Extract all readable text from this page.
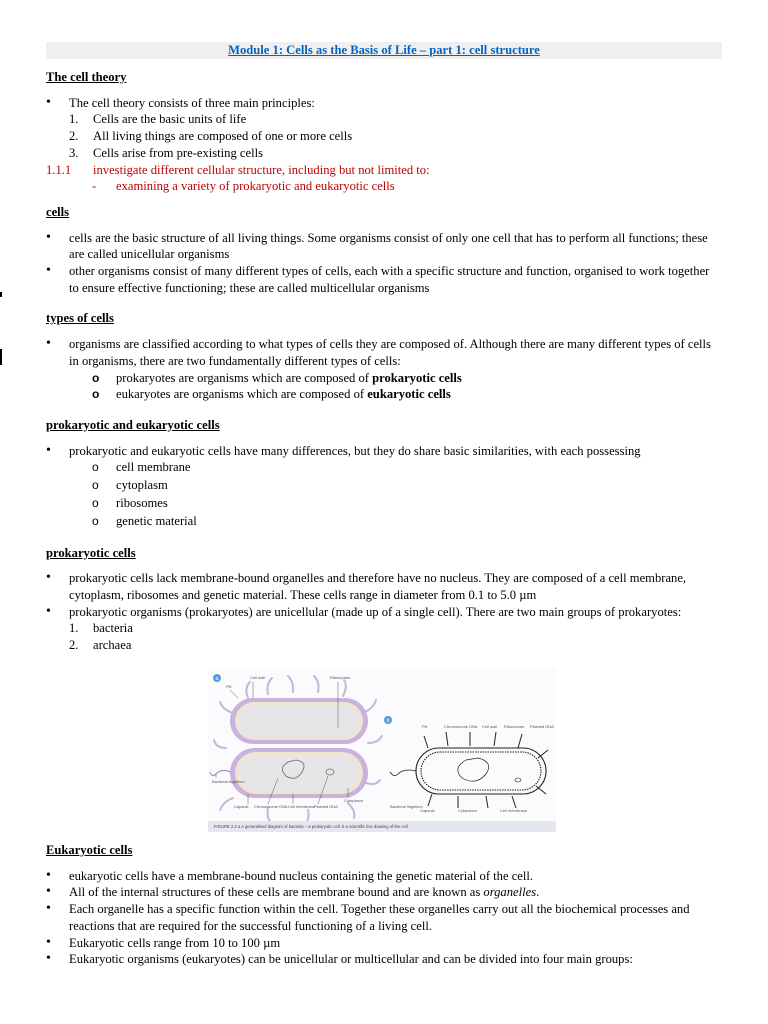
Module 1: Cells as the Basis of Life – part 1: cell structure
The cell theory
• The cell theory consists of three main principles:
1. Cells are the basic units of life
2. All living things are composed of one or more cells
3. Cells arise from pre-existing cells
1.1.1 investigate different cellular structure, including but not limited to:
- examining a variety of prokaryotic and eukaryotic cells
cells
• cells are the basic structure of all living things. Some organisms consist of only one cell that has to perform all functions; these are called unicellular organisms
• other organisms consist of many different types of cells, each with a specific structure and function, organised to work together to ensure effective functioning; these are called multicellular organisms
types of cells
• organisms are classified according to what types of cells they are composed of. Although there are many different types of cells in organisms, there are two fundamentally different types of cells:
o prokaryotes are organisms which are composed of prokaryotic cells
o eukaryotes are organisms which are composed of eukaryotic cells
prokaryotic and eukaryotic cells
• prokaryotic and eukaryotic cells have many differences, but they do share basic similarities, with each possessing
o cell membrane
o cytoplasm
o ribosomes
o genetic material
prokaryotic cells
• prokaryotic cells lack membrane-bound organelles and therefore have no nucleus. They are composed of a cell membrane, cytoplasm, ribosomes and genetic material. These cells range in diameter from 0.1 to 5.0 µm
• prokaryotic organisms (prokaryotes) are unicellular (made up of a single cell). There are two main groups of prokaryotes:
1. bacteria
2. archaea
Eukaryotic cells
• eukaryotic cells have a membrane-bound nucleus containing the genetic material of the cell.
• All of the internal structures of these cells are membrane bound and are known as organelles.
• Each organelle has a specific function within the cell. Together these organelles carry out all the biochemical processes and reactions that are required for the successful functioning of a living cell.
• Eukaryotic cells range from 10 to 100 µm
• Eukaryotic organisms (eukaryotes) can be unicellular or multicellular and can be divided into four main groups:
a	Cell wall	Ribosomes
Pili
Bacterial flagellum
Capsule Chromosome DNA Cell membrane
Plasmid DNA
Cytoplasm
b
Pili	Chromosome DNA Cell wall Ribosomes Plasmid DNA
Bacterial flagellum
Capsule	Cytoplasm	Cell membrane
FIGURE 2.2 a A generalised diagram of bacteria – a prokaryotic cell. b a scientific line drawing of the cell
